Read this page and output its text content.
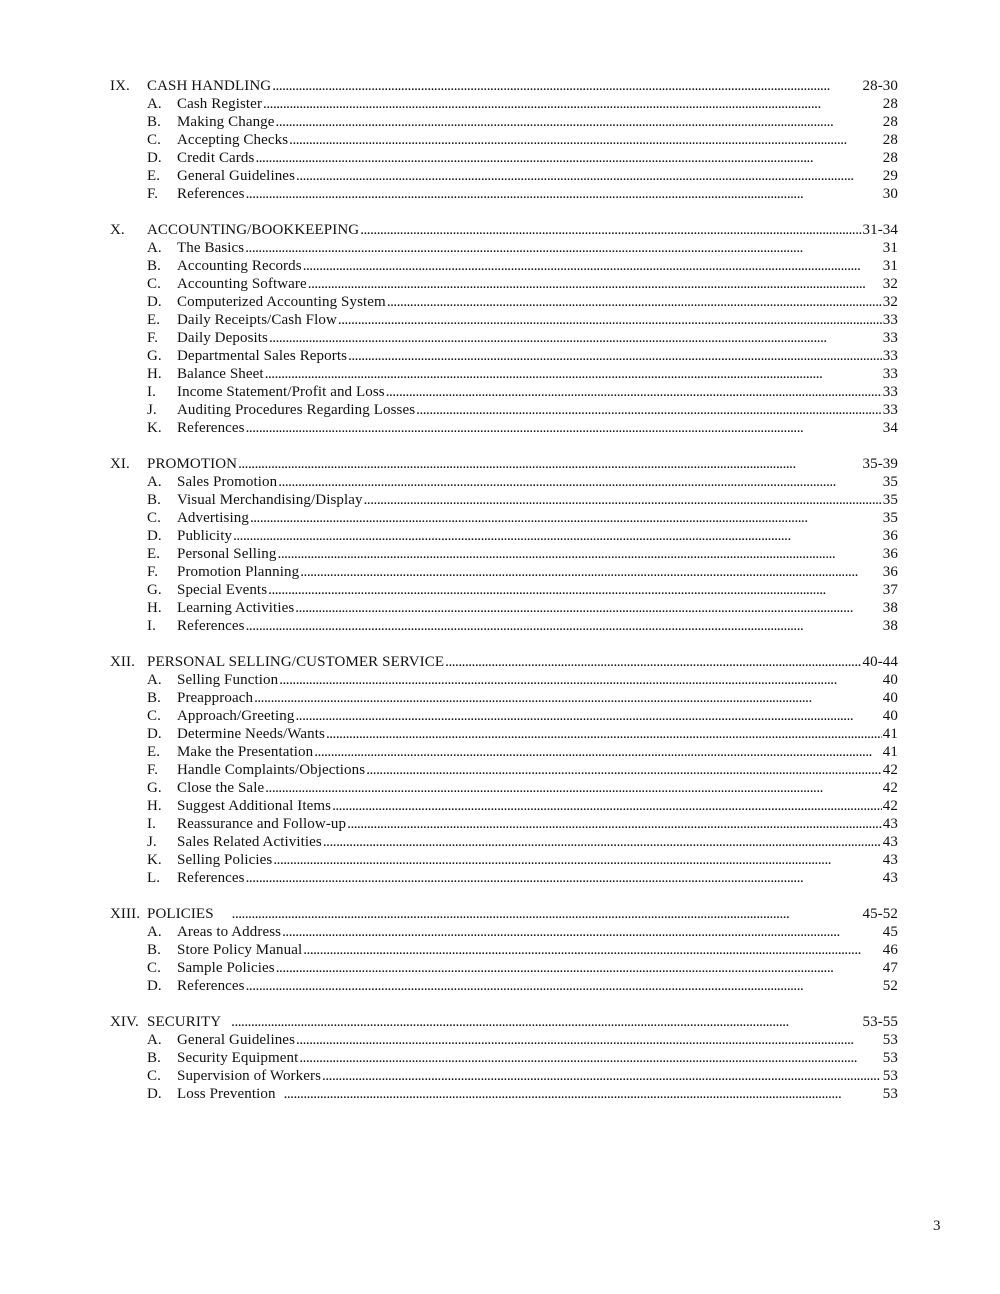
IX.	CASH HANDLING . . .	28-30
A.	Cash Register . . .	28
B.	Making Change . . .	28
C.	Accepting Checks . . .	28
D.	Credit Cards . . .	28
E.	General Guidelines . . .	29
F.	References . . .	30
X.	ACCOUNTING/BOOKKEEPING . . .	31-34
A.	The Basics . . .	31
B.	Accounting Records . . .	31
C.	Accounting Software . . .	32
D.	Computerized Accounting System . . .	32
E.	Daily Receipts/Cash Flow . . .	33
F.	Daily Deposits . . .	33
G.	Departmental Sales Reports . . .	33
H.	Balance Sheet . . .	33
I.	Income Statement/Profit and Loss . . .	33
J.	Auditing Procedures Regarding Losses . . .	33
K.	References . . .	34
XI.	PROMOTION . . .	35-39
A.	Sales Promotion . . .	35
B.	Visual Merchandising/Display . . .	35
C.	Advertising . . .	35
D.	Publicity . . .	36
E.	Personal Selling . . .	36
F.	Promotion Planning . . .	36
G.	Special Events . . .	37
H.	Learning Activities . . .	38
I.	References . . .	38
XII. PERSONAL SELLING/CUSTOMER SERVICE . . .	40-44
A.	Selling Function . . .	40
B.	Preapproach . . .	40
C.	Approach/Greeting . . .	40
D.	Determine Needs/Wants . . .	41
E.	Make the Presentation . . .	41
F.	Handle Complaints/Objections . . .	42
G.	Close the Sale . . .	42
H.	Suggest Additional Items . . .	42
I.	Reassurance and Follow-up . . .	43
J.	Sales Related Activities . . .	43
K.	Selling Policies . . .	43
L.	References . . .	43
XIII. POLICIES . . .	45-52
A.	Areas to Address . . .	45
B.	Store Policy Manual . . .	46
C.	Sample Policies . . .	47
D.	References . . .	52
XIV. SECURITY . . .	53-55
A.	General Guidelines . . .	53
B.	Security Equipment . . .	53
C.	Supervision of Workers . . .	53
D.	Loss Prevention . . .	53
3
